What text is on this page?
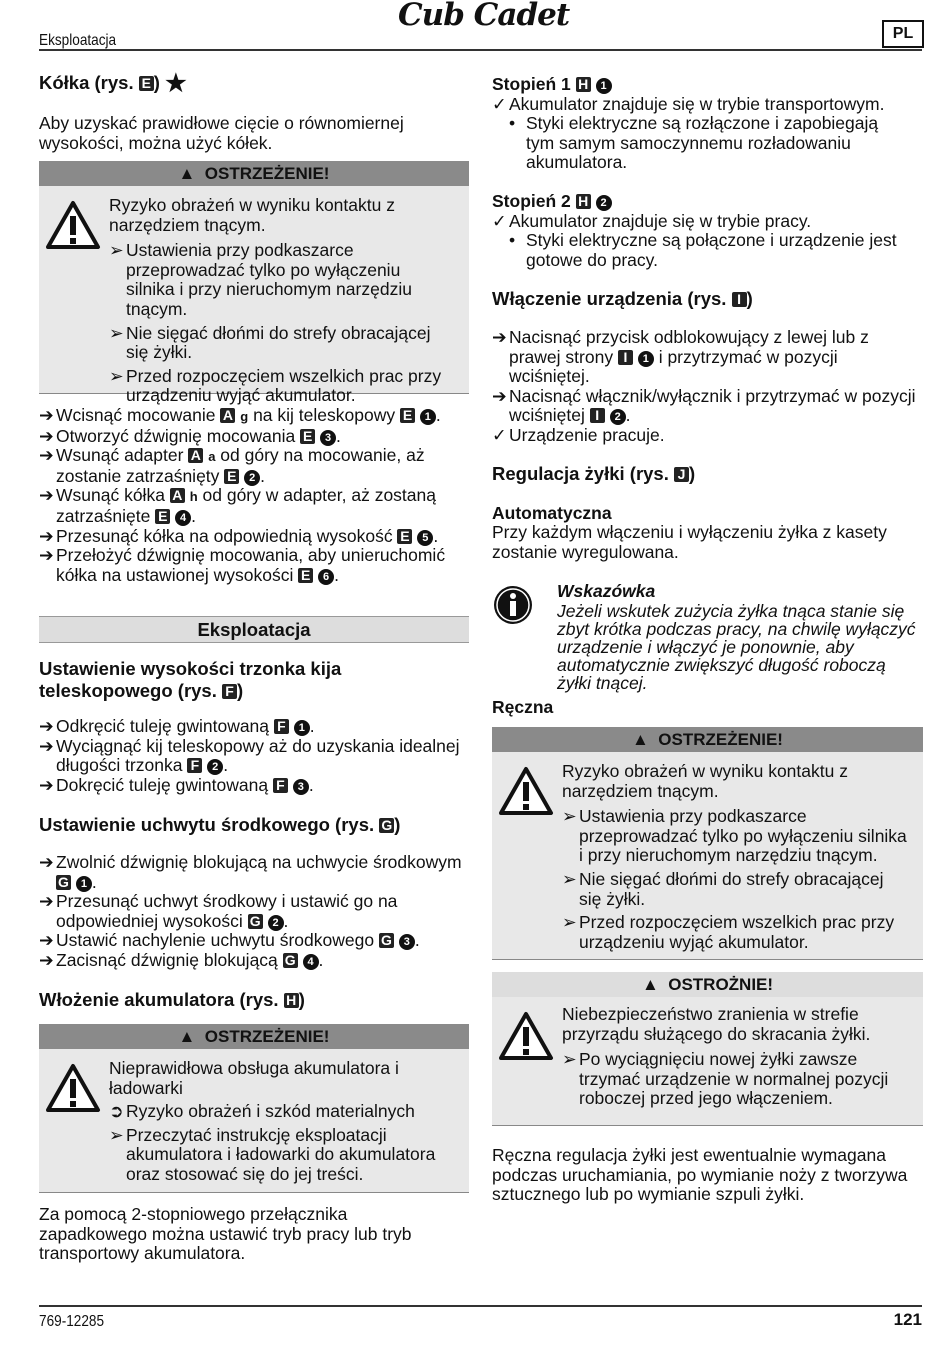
Eksploatacja
Cub Cadet
PL
Kółka (rys. E ) ★

Aby uzyskać prawidłowe cięcie o równomiernej wysokości, można użyć kółek.

▲ OSTRZEŻENIE!

Ryzyko obrażeń w wyniku kontaktu z narzędziem tnącym.

➢ Ustawienia przy podkaszarce przeprowadzać tylko po wyłączeniu silnika i przy nieruchomym narzędziu tnącym.
➢ Nie sięgać dłońmi do strefy obracającej się żyłki.
➢ Przed rozpoczęciem wszelkich prac przy urządzeniu wyjąć akumulator.
➔ Wcisnąć mocowanie A g na kij teleskopowy E 1 .
➔ Otworzyć dźwignię mocowania E 3 .
➔ Wsunąć adapter A a od góry na mocowanie, aż zostanie zatrzaśnięty E 2 .
➔ Wsunąć kółka A h od góry w adapter, aż zostaną zatrzaśnięte E 4 .
➔ Przesunąć kółka na odpowiednią wysokość E 5 .
➔ Przełożyć dźwignię mocowania, aby unieruchomić kółka na ustawionej wysokości E 6 .
Eksploatacja
Ustawienie wysokości trzonka kija teleskopowego (rys. F )
➔ Odkręcić tuleję gwintowaną F 1 .
➔ Wyciągnąć kij teleskopowy aż do uzyskania idealnej długości trzonka F 2 .
➔ Dokręcić tuleję gwintowaną F 3 .
Ustawienie uchwytu środkowego (rys. G )
➔ Zwolnić dźwignię blokującą na uchwycie środkowym G 1 .
➔ Przesunąć uchwyt środkowy i ustawić go na odpowiedniej wysokości G 2 .
➔ Ustawić nachylenie uchwytu środkowego G 3 .
➔ Zacisnąć dźwignię blokującą G 4 .
Włożenie akumulatora (rys. H )
▲ OSTRZEŻENIE!

Nieprawidłowa obsługa akumulatora i ładowarki

➲ Ryzyko obrażeń i szkód materialnych
➢ Przeczytać instrukcję eksploatacji akumulatora i ładowarki do akumulatora oraz stosować się do jej treści.

Za pomocą 2-stopniowego przełącznika zapadkowego można ustawić tryb pracy lub tryb transportowy akumulatora.

Stopień 1 H 1
✓ Akumulator znajduje się w trybie transportowym.
• Styki elektryczne są rozłączone i zapobiegają tym samym samoczynnemu rozładowaniu akumulatora.
Stopień 2 H 2
✓ Akumulator znajduje się w trybie pracy.
• Styki elektryczne są połączone i urządzenie jest gotowe do pracy.
Włączenie urządzenia (rys. I )
➔ Nacisnąć przycisk odblokowujący z lewej lub z prawej strony I 1 i przytrzymać w pozycji wciśniętej.
➔ Nacisnąć włącznik/wyłącznik i przytrzymać w pozycji wciśniętej I 2 .
✓ Urządzenie pracuje.
Regulacja żyłki (rys. J )
Automatyczna

Przy każdym włączeniu i wyłączeniu żyłka z kasety zostanie wyregulowana.

Wskazówka

Jeżeli wskutek zużycia żyłka tnąca stanie się zbyt krótka podczas pracy, na chwilę wyłączyć urządzenie i włączyć je ponownie, aby automatycznie zwiększyć długość roboczą żyłki tnącej.

Ręczna
▲ OSTRZEŻENIE!

Ryzyko obrażeń w wyniku kontaktu z narzędziem tnącym.

➢ Ustawienia przy podkaszarce przeprowadzać tylko po wyłączeniu silnika i przy nieruchomym narzędziu tnącym.
➢ Nie sięgać dłońmi do strefy obracającej się żyłki.
➢ Przed rozpoczęciem wszelkich prac przy urządzeniu wyjąć akumulator.
▲ OSTROŻNIE!

Niebezpieczeństwo zranienia w strefie przyrządu służącego do skracania żyłki.

➢ Po wyciągnięciu nowej żyłki zawsze trzymać urządzenie w normalnej pozycji roboczej przed jego włączeniem.

Ręczna regulacja żyłki jest ewentualnie wymagana podczas uruchamiania, po wymianie noży z tworzywa sztucznego lub po wymianie szpuli żyłki.

769-12285	121
